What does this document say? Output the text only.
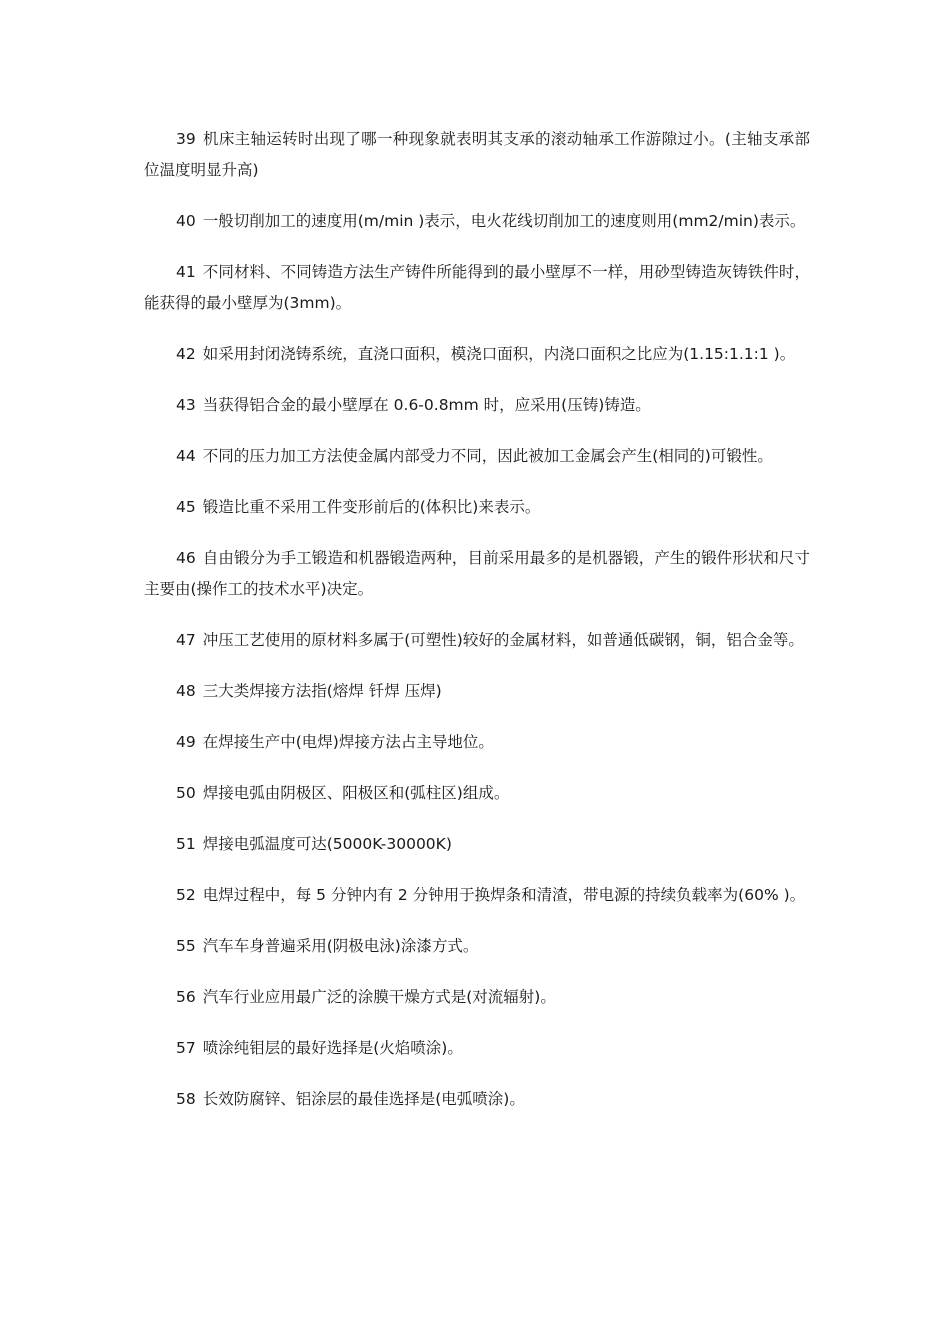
39 机床主轴运转时出现了哪一种现象就表明其支承的滚动轴承工作游隙过小。(主轴支承部位温度明显升高)

40 一般切削加工的速度用(m/min )表示，电火花线切削加工的速度则用(mm2/min)表示。

41 不同材料、不同铸造方法生产铸件所能得到的最小壁厚不一样，用砂型铸造灰铸铁件时，能获得的最小壁厚为(3mm)。

42 如采用封闭浇铸系统，直浇口面积，模浇口面积，内浇口面积之比应为(1.15:1.1:1 )。

43 当获得铝合金的最小壁厚在 0.6-0.8mm 时，应采用(压铸)铸造。

44 不同的压力加工方法使金属内部受力不同，因此被加工金属会产生(相同的)可锻性。

45 锻造比重不采用工件变形前后的(体积比)来表示。

46 自由锻分为手工锻造和机器锻造两种，目前采用最多的是机器锻，产生的锻件形状和尺寸主要由(操作工的技术水平)决定。

47 冲压工艺使用的原材料多属于(可塑性)较好的金属材料，如普通低碳钢，铜，铝合金等。

48 三大类焊接方法指(熔焊 钎焊 压焊)

49 在焊接生产中(电焊)焊接方法占主导地位。

50 焊接电弧由阴极区、阳极区和(弧柱区)组成。

51 焊接电弧温度可达(5000K-30000K)

52 电焊过程中，每 5 分钟内有 2 分钟用于换焊条和清渣，带电源的持续负载率为(60% )。

55 汽车车身普遍采用(阴极电泳)涂漆方式。

56 汽车行业应用最广泛的涂膜干燥方式是(对流辐射)。

57 喷涂纯钼层的最好选择是(火焰喷涂)。

58 长效防腐锌、铝涂层的最佳选择是(电弧喷涂)。
